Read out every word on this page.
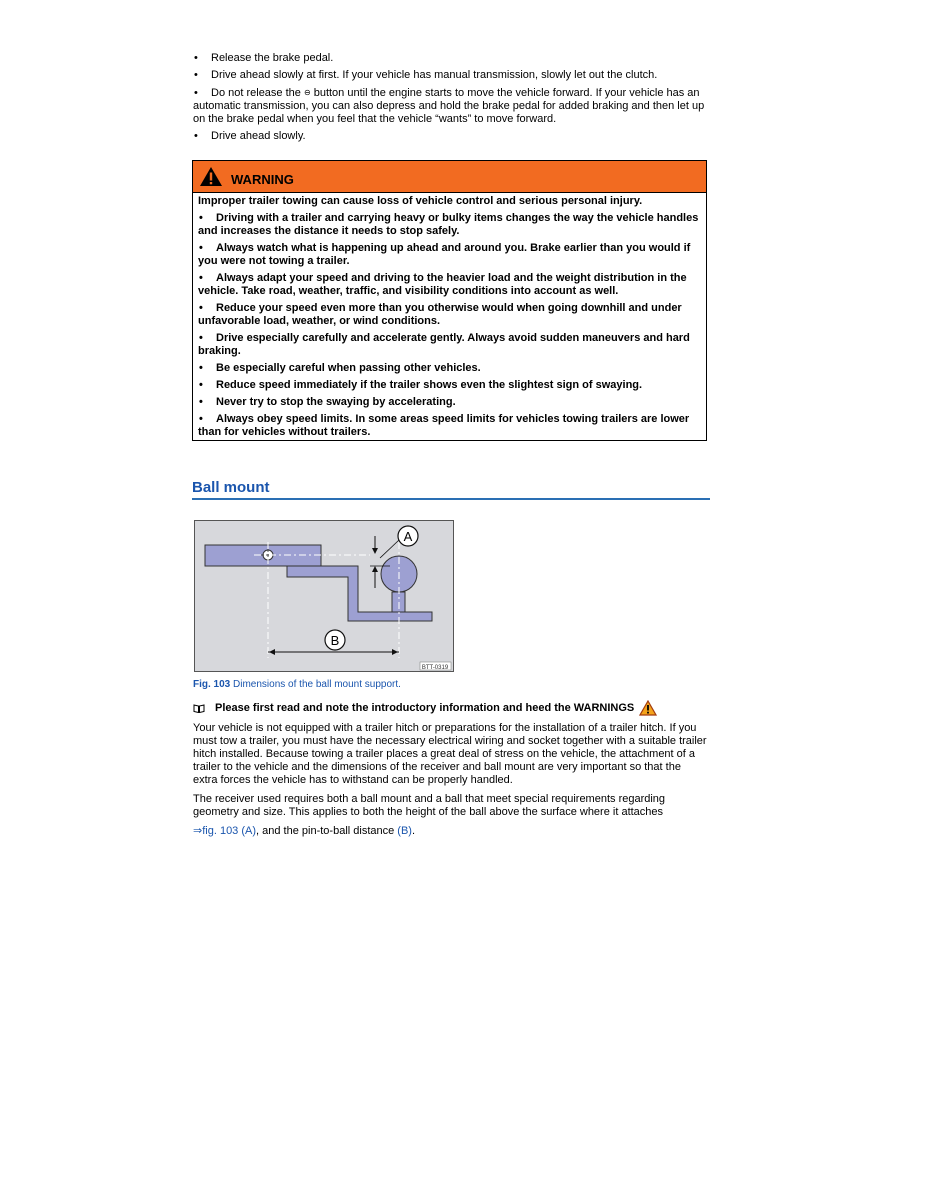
• Release the brake pedal.
• Drive ahead slowly at first. If your vehicle has manual transmission, slowly let out the clutch.
• Do not release the ⊖ button until the engine starts to move the vehicle forward. If your vehicle has an automatic transmission, you can also depress and hold the brake pedal for added braking and then let up on the brake pedal when you feel that the vehicle “wants” to move forward.
• Drive ahead slowly.
WARNING
Improper trailer towing can cause loss of vehicle control and serious personal injury.
• Driving with a trailer and carrying heavy or bulky items changes the way the vehicle handles and increases the distance it needs to stop safely.
• Always watch what is happening up ahead and around you. Brake earlier than you would if you were not towing a trailer.
• Always adapt your speed and driving to the heavier load and the weight distribution in the vehicle. Take road, weather, traffic, and visibility conditions into account as well.
• Reduce your speed even more than you otherwise would when going downhill and under unfavorable load, weather, or wind conditions.
• Drive especially carefully and accelerate gently. Always avoid sudden maneuvers and hard braking.
• Be especially careful when passing other vehicles.
• Reduce speed immediately if the trailer shows even the slightest sign of swaying.
• Never try to stop the swaying by accelerating.
• Always obey speed limits. In some areas speed limits for vehicles towing trailers are lower than for vehicles without trailers.
Ball mount
A
B
BTT-0319
Fig. 103 Dimensions of the ball mount support.
Please first read and note the introductory information and heed the WARNINGS
Your vehicle is not equipped with a trailer hitch or preparations for the installation of a trailer hitch. If you must tow a trailer, you must have the necessary electrical wiring and socket together with a suitable trailer hitch installed. Because towing a trailer places a great deal of stress on the vehicle, the attachment of a trailer to the vehicle and the dimensions of the receiver and ball mount are very important so that the extra forces the vehicle has to withstand can be properly handled.
The receiver used requires both a ball mount and a ball that meet special requirements regarding geometry and size. This applies to both the height of the ball above the surface where it attaches
⇒fig. 103 (A), and the pin-to-ball distance (B).
